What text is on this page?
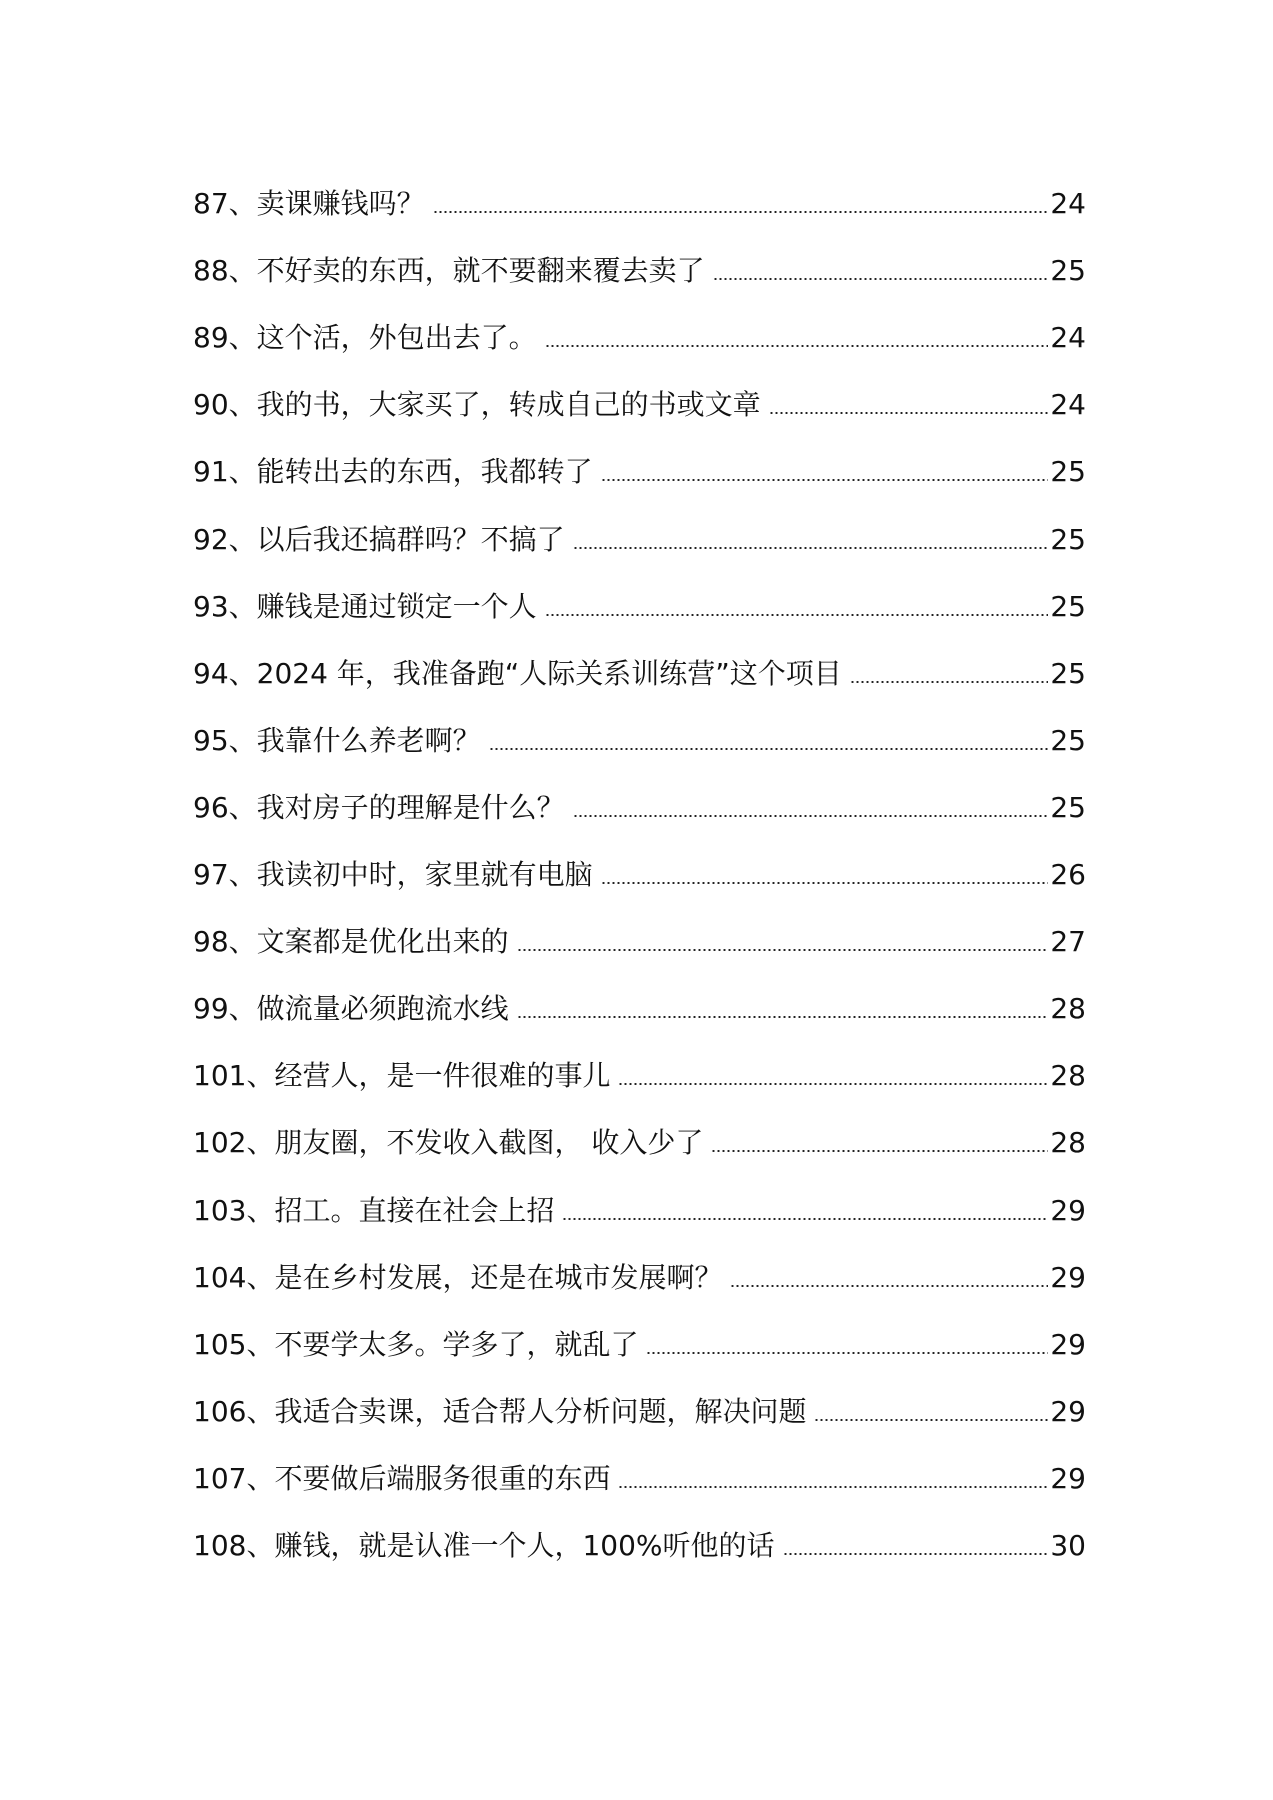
87、卖课赚钱吗？	24
88、不好卖的东西，就不要翻来覆去卖了	25
89、这个活，外包出去了。	24
90、我的书，大家买了，转成自己的书或文章	24
91、能转出去的东西，我都转了	25
92、以后我还搞群吗？不搞了	25
93、赚钱是通过锁定一个人	25
94、2024 年，我准备跑“人际关系训练营”这个项目	25
95、我靠什么养老啊？	25
96、我对房子的理解是什么？	25
97、我读初中时，家里就有电脑	26
98、文案都是优化出来的	27
99、做流量必须跑流水线	28
101、经营人，是一件很难的事儿	28
102、朋友圈，不发收入截图， 收入少了	28
103、招工。直接在社会上招	29
104、是在乡村发展，还是在城市发展啊？	29
105、不要学太多。学多了，就乱了	29
106、我适合卖课，适合帮人分析问题，解决问题	29
107、不要做后端服务很重的东西	29
108、赚钱，就是认准一个人，100%听他的话	30
